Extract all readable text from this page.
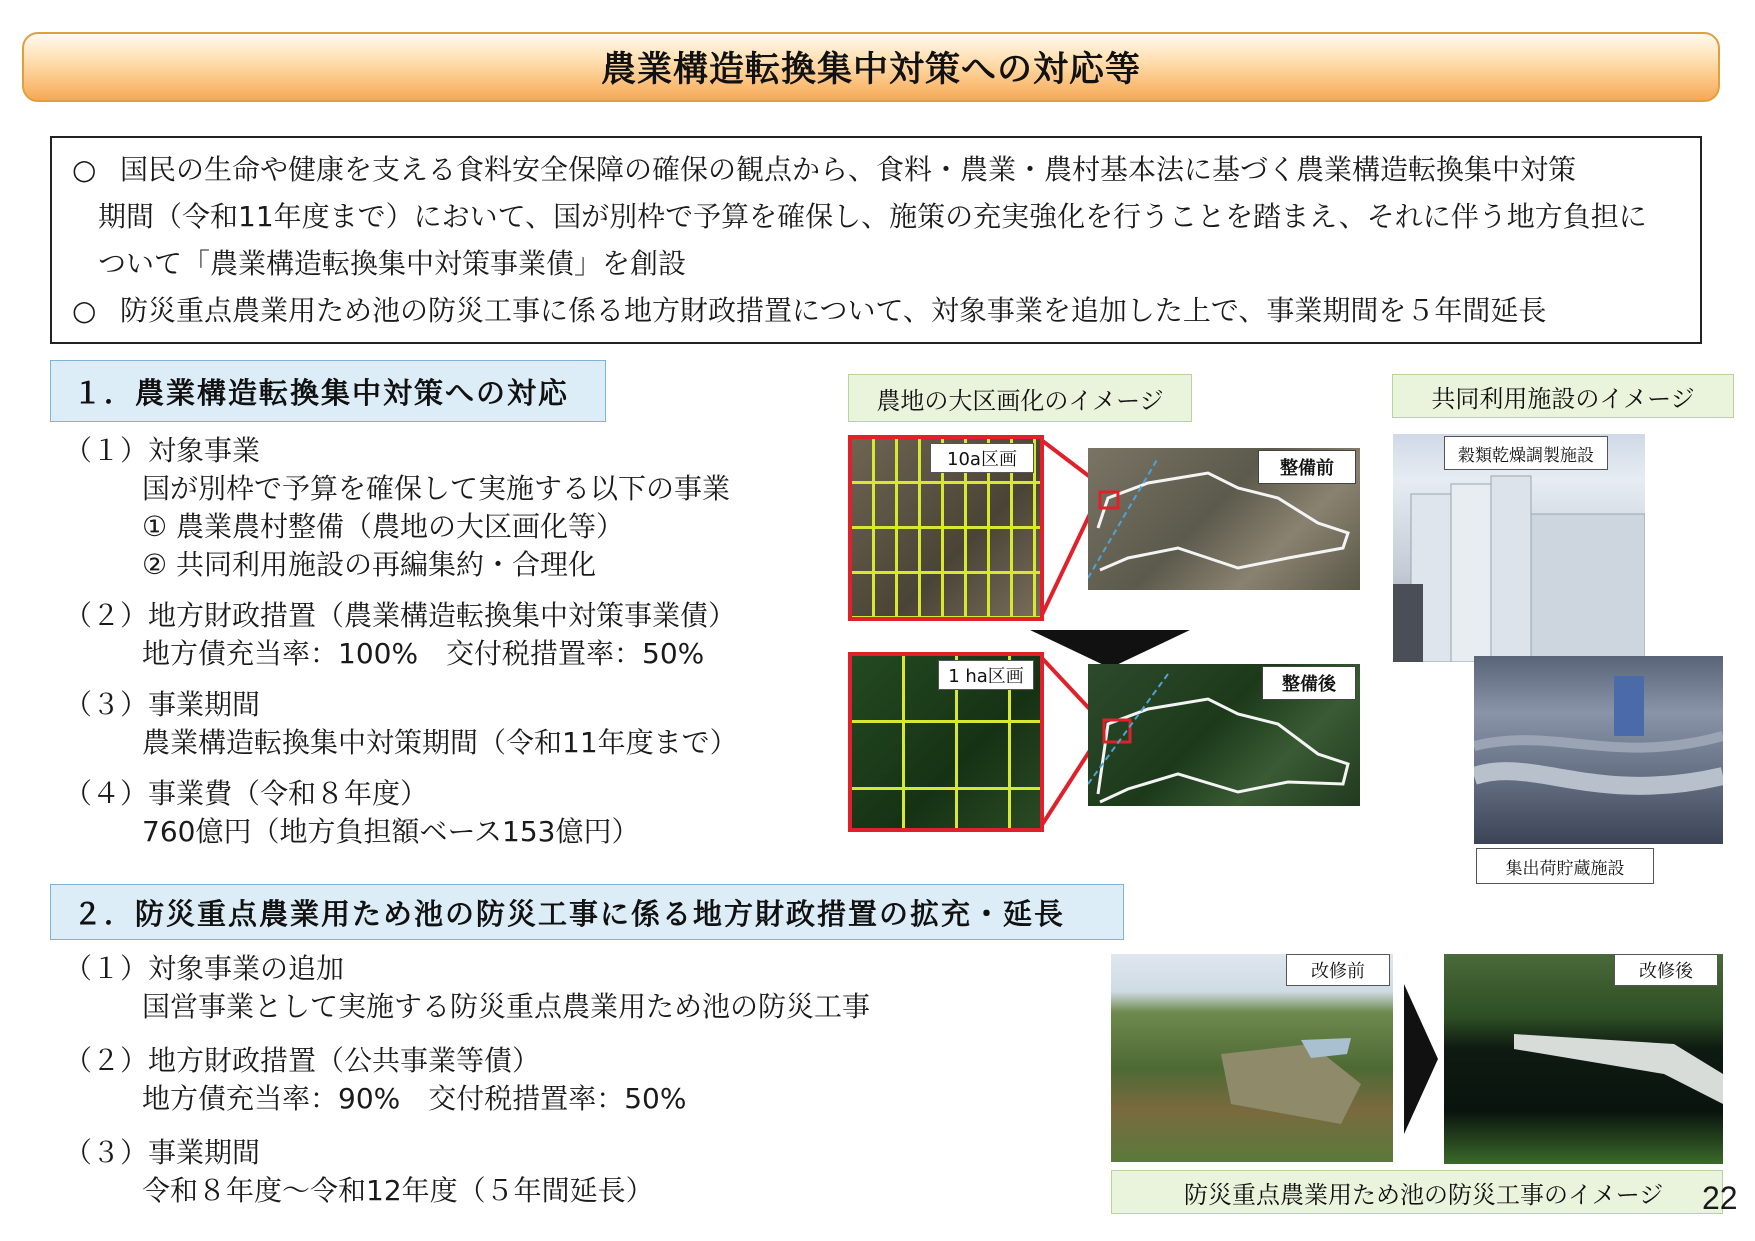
農業構造転換集中対策への対応等
○ 国民の生命や健康を支える食料安全保障の確保の観点から、食料・農業・農村基本法に基づく農業構造転換集中対策
期間（令和11年度まで）において、国が別枠で予算を確保し、施策の充実強化を行うことを踏まえ、それに伴う地方負担に
ついて「農業構造転換集中対策事業債」を創設
○ 防災重点農業用ため池の防災工事に係る地方財政措置について、対象事業を追加した上で、事業期間を５年間延長
１．農業構造転換集中対策への対応
（１）対象事業
国が別枠で予算を確保して実施する以下の事業
① 農業農村整備（農地の大区画化等）
② 共同利用施設の再編集約・合理化
（２）地方財政措置（農業構造転換集中対策事業債）
地方債充当率：100%　交付税措置率：50%
（３）事業期間
農業構造転換集中対策期間（令和11年度まで）
（４）事業費（令和８年度）
760億円（地方負担額ベース153億円）
２．防災重点農業用ため池の防災工事に係る地方財政措置の拡充・延長
（１）対象事業の追加
国営事業として実施する防災重点農業用ため池の防災工事
（２）地方財政措置（公共事業等債）
地方債充当率：90%　交付税措置率：50%
（３）事業期間
令和８年度～令和12年度（５年間延長）
農地の大区画化のイメージ
10a区画	整備前
1 ha区画	整備後
共同利用施設のイメージ
穀類乾燥調製施設
集出荷貯蔵施設
改修前	改修後
防災重点農業用ため池の防災工事のイメージ	22
